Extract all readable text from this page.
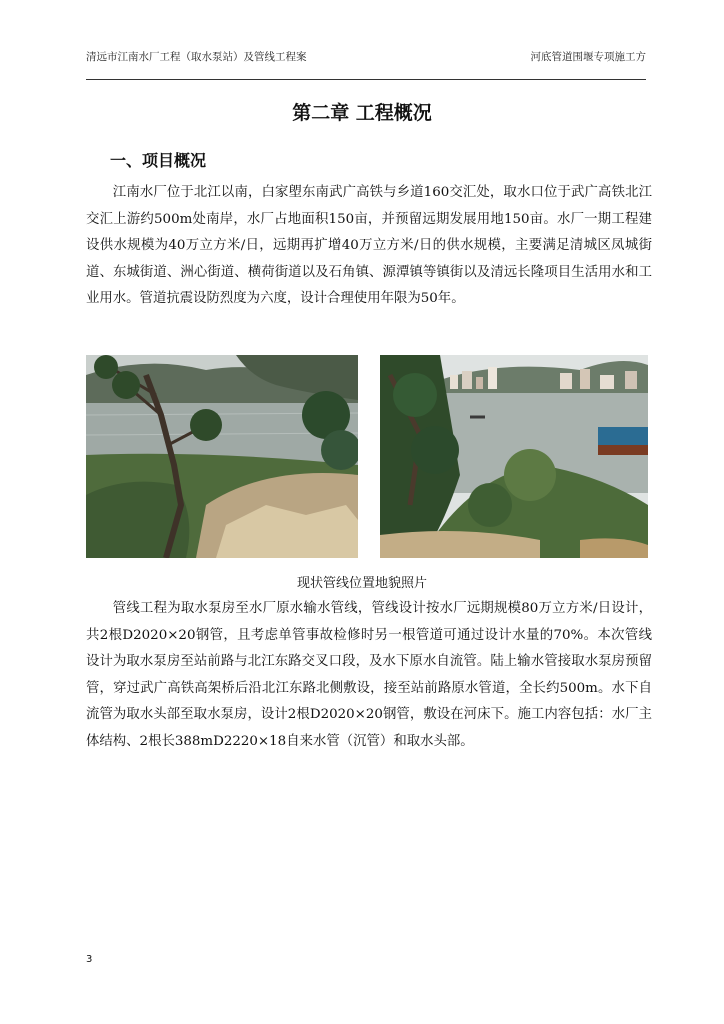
清远市江南水厂工程（取水泵站）及管线工程案	河底管道围堰专项施工方
第二章 工程概况
一、项目概况

江南水厂位于北江以南，白家塱东南武广高铁与乡道160交汇处，取水口位于武广高铁北江交汇上游约500m处南岸，水厂占地面积150亩，并预留远期发展用地150亩。水厂一期工程建设供水规模为40万立方米/日，远期再扩增40万立方米/日的供水规模，主要满足清城区凤城街道、东城街道、洲心街道、横荷街道以及石角镇、源潭镇等镇街以及清远长隆项目生活用水和工业用水。管道抗震设防烈度为六度，设计合理使用年限为50年。

现状管线位置地貌照片

管线工程为取水泵房至水厂原水输水管线，管线设计按水厂远期规模80万立方米/日设计，共2根D2020×20钢管，且考虑单管事故检修时另一根管道可通过设计水量的70%。本次管线设计为取水泵房至站前路与北江东路交叉口段，及水下原水自流管。陆上输水管接取水泵房预留管，穿过武广高铁高架桥后沿北江东路北侧敷设，接至站前路原水管道，全长约500m。水下自流管为取水头部至取水泵房，设计2根D2020×20钢管，敷设在河床下。施工内容包括：水厂主体结构、2根长388mD2220×18自来水管（沉管）和取水头部。

3
